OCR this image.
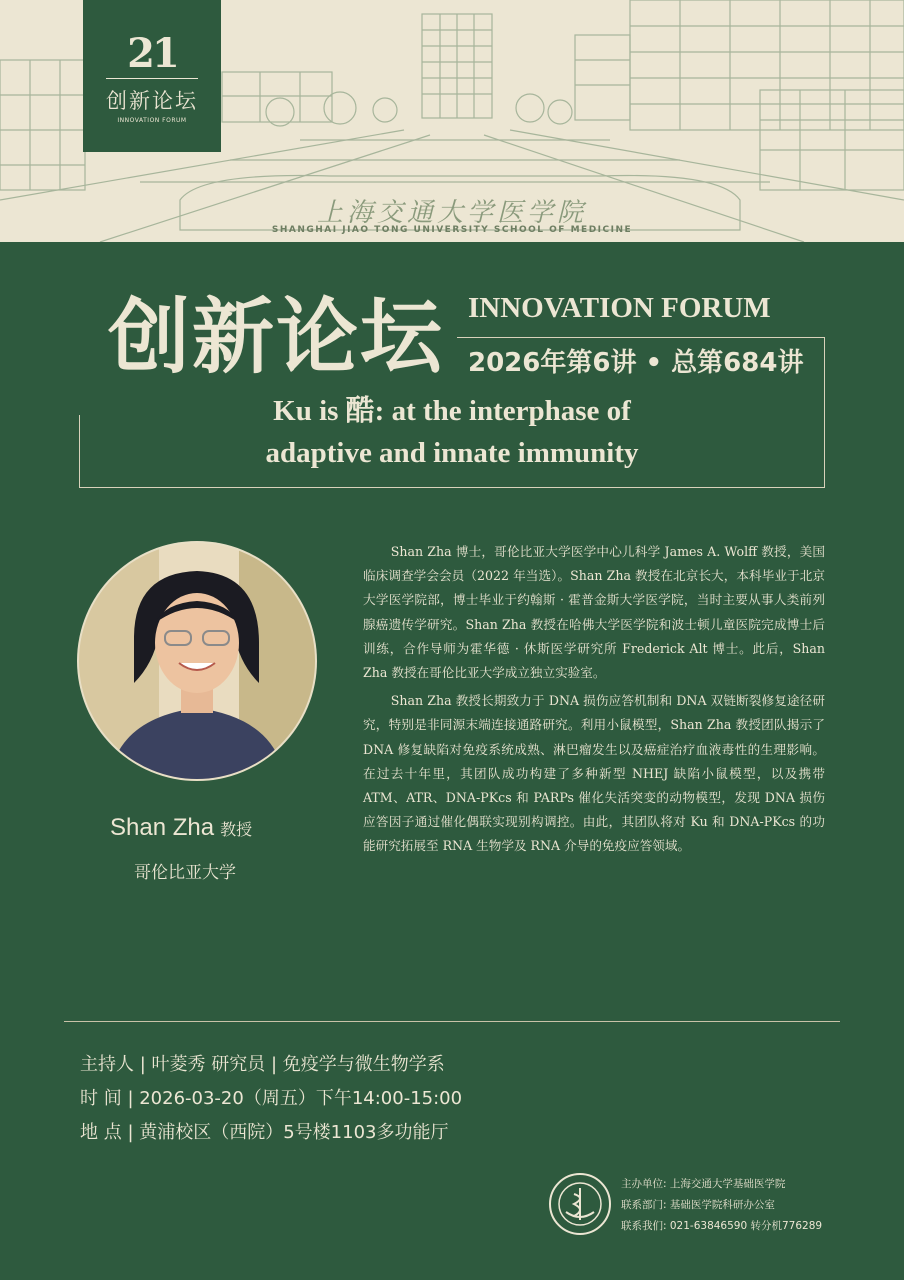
21
创新论坛
INNOVATION FORUM
上海交通大学医学院
SHANGHAI JIAO TONG UNIVERSITY SCHOOL OF MEDICINE
创新论坛 INNOVATION FORUM
2026年第6讲 • 总第684讲
Ku is 酷: at the interphase of
adaptive and innate immunity
Shan Zha 教授
哥伦比亚大学

Shan Zha 博士，哥伦比亚大学医学中心儿科学 James A. Wolff 教授，美国临床调查学会会员（2022 年当选）。Shan Zha 教授在北京长大，本科毕业于北京大学医学院部，博士毕业于约翰斯 · 霍普金斯大学医学院，当时主要从事人类前列腺癌遗传学研究。Shan Zha 教授在哈佛大学医学院和波士顿儿童医院完成博士后训练，合作导师为霍华德 · 休斯医学研究所 Frederick Alt 博士。此后，Shan Zha 教授在哥伦比亚大学成立独立实验室。

Shan Zha 教授长期致力于 DNA 损伤应答机制和 DNA 双链断裂修复途径研究，特别是非同源末端连接通路研究。利用小鼠模型，Shan Zha 教授团队揭示了 DNA 修复缺陷对免疫系统成熟、淋巴瘤发生以及癌症治疗血液毒性的生理影响。在过去十年里，其团队成功构建了多种新型 NHEJ 缺陷小鼠模型，以及携带 ATM、ATR、DNA-PKcs 和 PARPs 催化失活突变的动物模型，发现 DNA 损伤应答因子通过催化偶联实现别构调控。由此，其团队将对 Ku 和 DNA-PKcs 的功能研究拓展至 RNA 生物学及 RNA 介导的免疫应答领域。

主持人 | 叶菱秀 研究员 | 免疫学与微生物学系
时 间 | 2026-03-20（周五）下午14:00-15:00
地 点 | 黄浦校区（西院）5号楼1103多功能厅
主办单位: 上海交通大学基础医学院
联系部门: 基础医学院科研办公室
联系我们: 021-63846590 转分机776289
